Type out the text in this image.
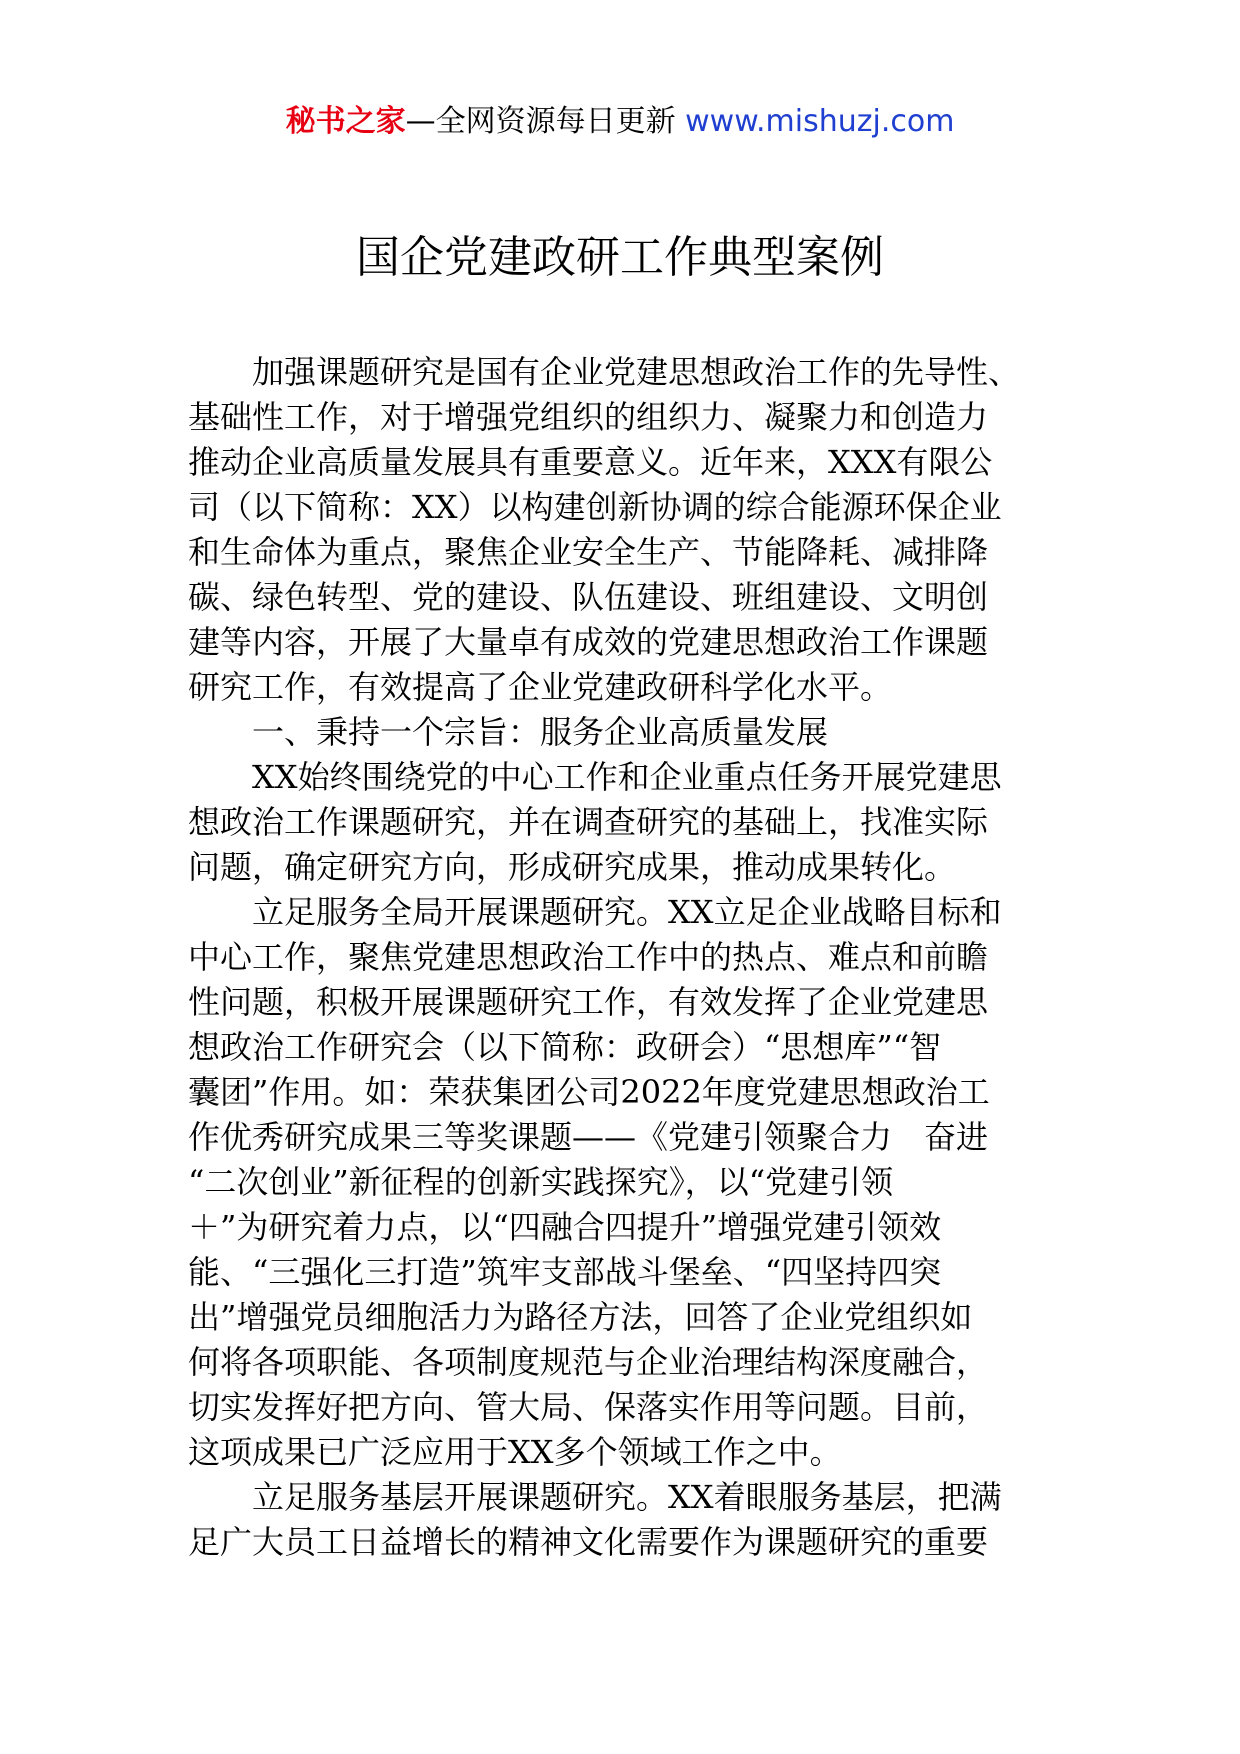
秘书之家—全网资源每日更新 www.mishuzj.com
国企党建政研工作典型案例
加强课题研究是国有企业党建思想政治工作的先导性、
基础性工作，对于增强党组织的组织力、凝聚力和创造力
推动企业高质量发展具有重要意义。近年来，XXX有限公
司（以下简称：XX）以构建创新协调的综合能源环保企业
和生命体为重点，聚焦企业安全生产、节能降耗、减排降
碳、绿色转型、党的建设、队伍建设、班组建设、文明创
建等内容，开展了大量卓有成效的党建思想政治工作课题
研究工作，有效提高了企业党建政研科学化水平。
一、秉持一个宗旨：服务企业高质量发展
XX始终围绕党的中心工作和企业重点任务开展党建思
想政治工作课题研究，并在调查研究的基础上，找准实际
问题，确定研究方向，形成研究成果，推动成果转化。
立足服务全局开展课题研究。XX立足企业战略目标和
中心工作，聚焦党建思想政治工作中的热点、难点和前瞻
性问题，积极开展课题研究工作，有效发挥了企业党建思
想政治工作研究会（以下简称：政研会）“思想库”“智
囊团”作用。如：荣获集团公司2022年度党建思想政治工
作优秀研究成果三等奖课题——《党建引领聚合力　奋进
“二次创业”新征程的创新实践探究》，以“党建引领
＋”为研究着力点，以“四融合四提升”增强党建引领效
能、“三强化三打造”筑牢支部战斗堡垒、“四坚持四突
出”增强党员细胞活力为路径方法，回答了企业党组织如
何将各项职能、各项制度规范与企业治理结构深度融合，
切实发挥好把方向、管大局、保落实作用等问题。目前，
这项成果已广泛应用于XX多个领域工作之中。
立足服务基层开展课题研究。XX着眼服务基层，把满
足广大员工日益增长的精神文化需要作为课题研究的重要
